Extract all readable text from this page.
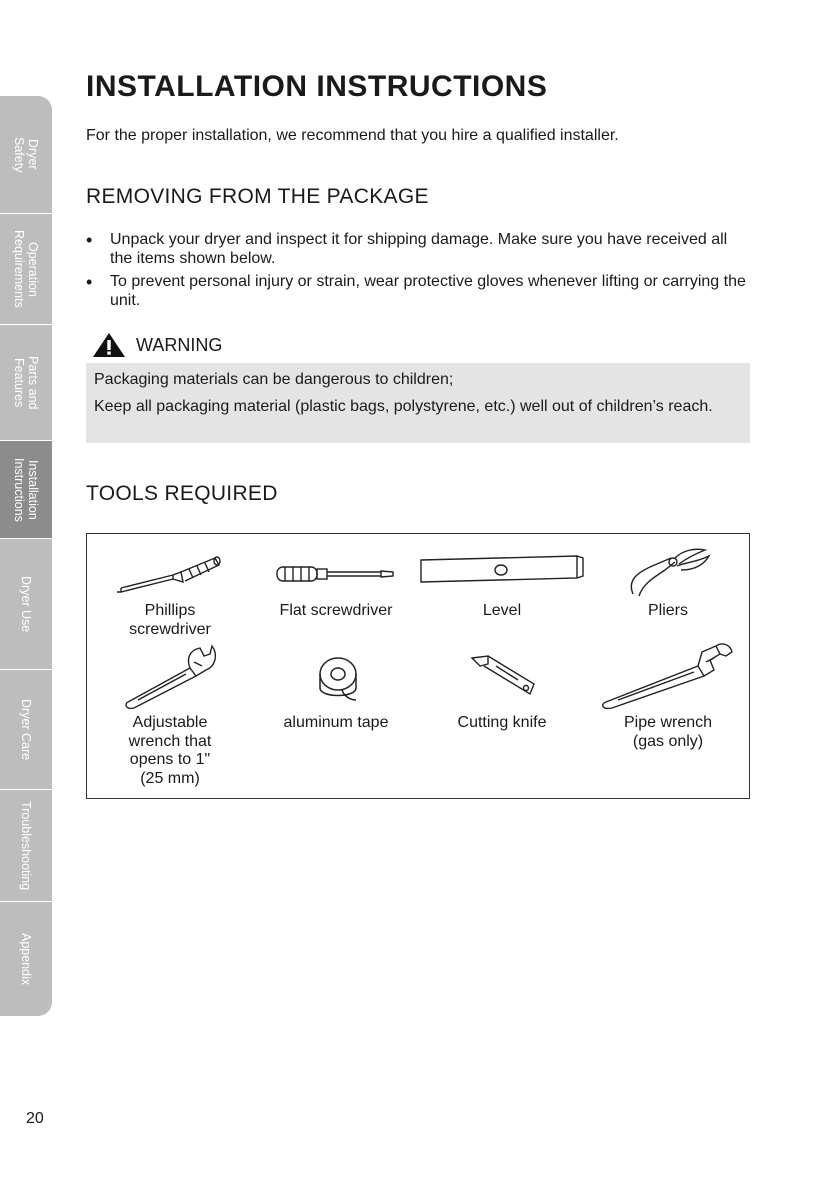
Dryer
Safety
Operation
Requirements
Parts and
Features
Installation
Instructions
Dryer Use
Dryer Care
Troubleshooting
Appendix
INSTALLATION INSTRUCTIONS
For the proper installation, we recommend that you hire a qualified installer.
REMOVING FROM THE PACKAGE
• Unpack your dryer and inspect it for shipping damage. Make sure you have received all the items shown below.
• To prevent personal injury or strain, wear protective gloves whenever lifting or carrying the unit.
WARNING

Packaging materials can be dangerous to children;

Keep all packaging material (plastic bags, polystyrene, etc.) well out of children’s reach.

TOOLS REQUIRED
Phillips
screwdriver
Flat screwdriver	Level	Pliers
Adjustable
wrench that
opens to 1"
(25 mm)
aluminum tape	Cutting knife	Pipe wrench
(gas only)
20
